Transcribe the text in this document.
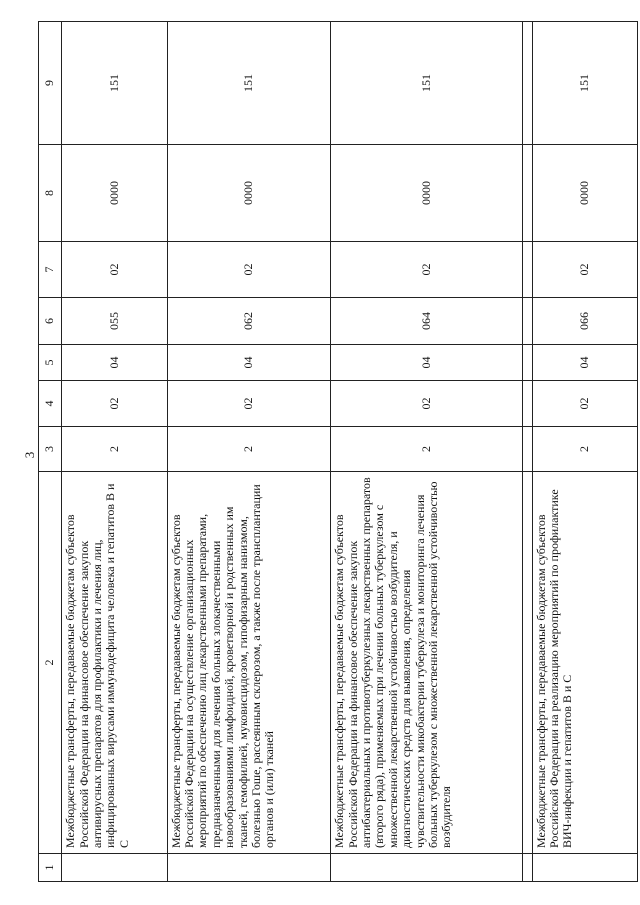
3
1	2	3	4	5	6	7	8	9
	Межбюджетные трансферты, передаваемые бюджетам субъектов Российской Федерации на финансовое обеспечение закупок антивирусных препаратов для профилактики и лечения лиц, инфицированных вирусами иммунодефицита человека и гепатитов В и С	2	02	04	055	02	0000	151
	Межбюджетные трансферты, передаваемые бюджетам субъектов Российской Федерации на осуществление организационных мероприятий по обеспечению лиц лекарственными препаратами, предназначенными для лечения больных злокачественными новообразованиями лимфоидной, кроветворной и родственных им тканей, гемофилией, муковисцидозом, гипофизарным нанизмом, болезнью Гоше, рассеянным склерозом, а также после трансплантации органов и (или) тканей	2	02	04	062	02	0000	151
	Межбюджетные трансферты, передаваемые бюджетам субъектов Российской Федерации на финансовое обеспечение закупок антибактериальных и противотуберкулезных лекарственных препаратов (второго ряда), применяемых при лечении больных туберкулезом с множественной лекарственной устойчивостью возбудителя, и диагностических средств для выявления, определения чувствительности микобактерии туберкулеза и мониторинга лечения больных туберкулезом с множественной лекарственной устойчивостью возбудителя	2	02	04	064	02	0000	151

	Межбюджетные трансферты, передаваемые бюджетам субъектов Российской Федерации на реализацию мероприятий по профилактике ВИЧ-инфекции и гепатитов В и С	2	02	04	066	02	0000	151
